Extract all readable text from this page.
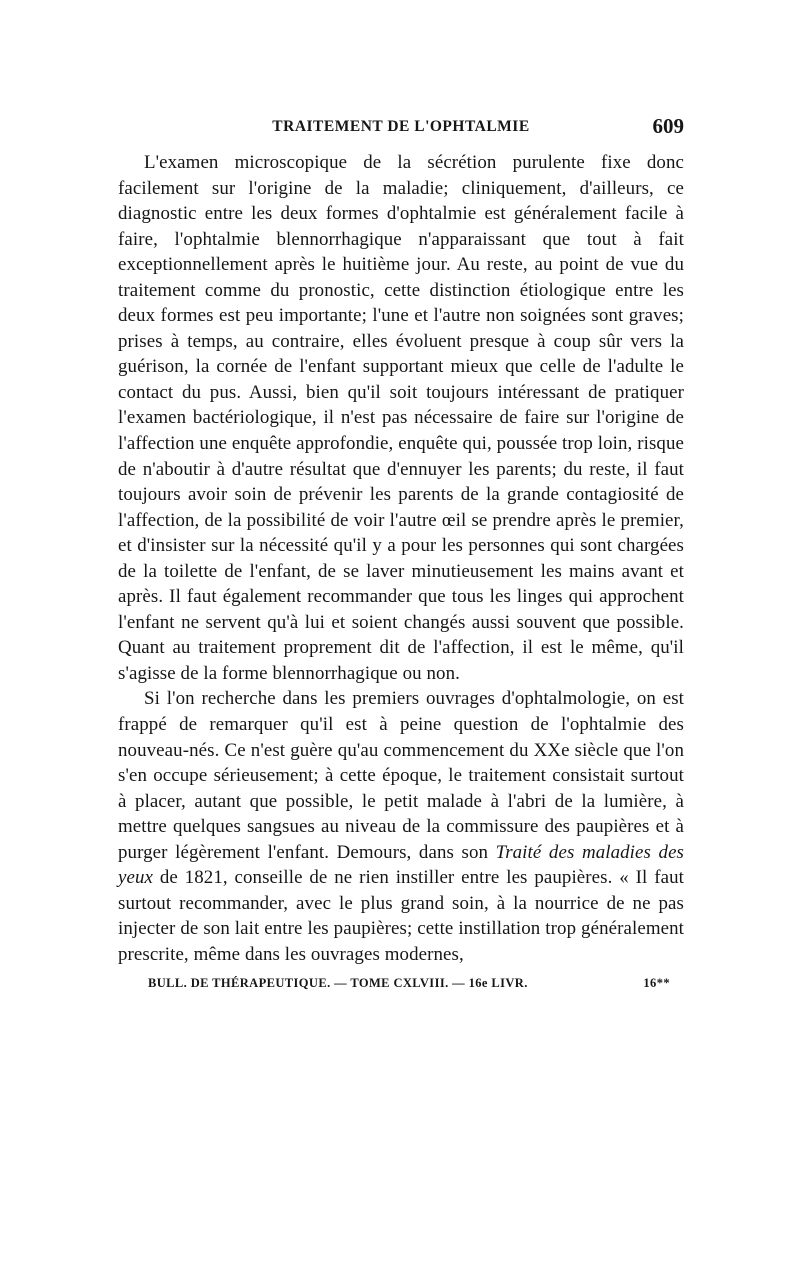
TRAITEMENT DE L'OPHTALMIE	609

L'examen microscopique de la sécrétion purulente fixe donc facilement sur l'origine de la maladie; cliniquement, d'ailleurs, ce diagnostic entre les deux formes d'ophtalmie est généralement facile à faire, l'ophtalmie blennorrhagique n'apparaissant que tout à fait exceptionnellement après le huitième jour. Au reste, au point de vue du traitement comme du pronostic, cette distinction étiologique entre les deux formes est peu importante; l'une et l'autre non soignées sont graves; prises à temps, au contraire, elles évoluent presque à coup sûr vers la guérison, la cornée de l'enfant supportant mieux que celle de l'adulte le contact du pus. Aussi, bien qu'il soit toujours intéressant de pratiquer l'examen bactériologique, il n'est pas nécessaire de faire sur l'origine de l'affection une enquête approfondie, enquête qui, poussée trop loin, risque de n'aboutir à d'autre résultat que d'ennuyer les parents; du reste, il faut toujours avoir soin de prévenir les parents de la grande contagiosité de l'affection, de la possibilité de voir l'autre œil se prendre après le premier, et d'insister sur la nécessité qu'il y a pour les personnes qui sont chargées de la toilette de l'enfant, de se laver minutieusement les mains avant et après. Il faut également recommander que tous les linges qui approchent l'enfant ne servent qu'à lui et soient changés aussi souvent que possible. Quant au traitement proprement dit de l'affection, il est le même, qu'il s'agisse de la forme blennorrhagique ou non.

Si l'on recherche dans les premiers ouvrages d'ophtalmologie, on est frappé de remarquer qu'il est à peine question de l'ophtalmie des nouveau-nés. Ce n'est guère qu'au commencement du XXe siècle que l'on s'en occupe sérieusement; à cette époque, le traitement consistait surtout à placer, autant que possible, le petit malade à l'abri de la lumière, à mettre quelques sangsues au niveau de la commissure des paupières et à purger légèrement l'enfant. Demours, dans son Traité des maladies des yeux de 1821, conseille de ne rien instiller entre les paupières. « Il faut surtout recommander, avec le plus grand soin, à la nourrice de ne pas injecter de son lait entre les paupières; cette instillation trop généralement prescrite, même dans les ouvrages modernes,

BULL. DE THÉRAPEUTIQUE. — TOME CXLVIII. — 16e LIVR.	16**
